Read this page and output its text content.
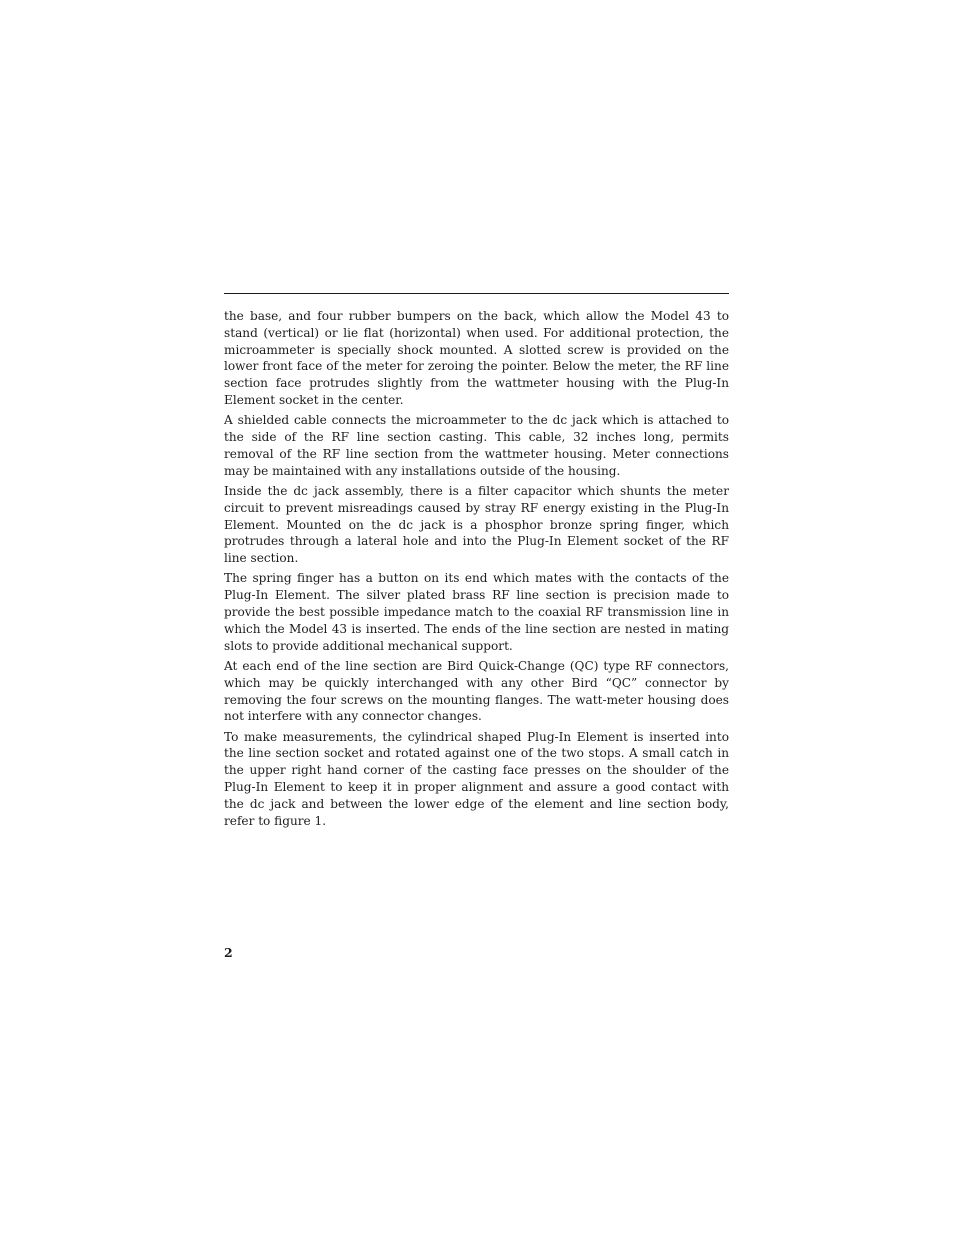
the base, and four rubber bumpers on the back, which allow the Model 43 to stand (vertical) or lie flat (horizontal) when used. For additional protection, the microammeter is specially shock mounted. A slotted screw is provided on the lower front face of the meter for zeroing the pointer. Below the meter, the RF line section face protrudes slightly from the wattmeter housing with the Plug-In Element socket in the center.

A shielded cable connects the microammeter to the dc jack which is attached to the side of the RF line section casting. This cable, 32 inches long, permits removal of the RF line section from the wattmeter housing. Meter connections may be maintained with any installations outside of the housing.

Inside the dc jack assembly, there is a filter capacitor which shunts the meter circuit to prevent misreadings caused by stray RF energy existing in the Plug-In Element. Mounted on the dc jack is a phosphor bronze spring finger, which protrudes through a lateral hole and into the Plug-In Element socket of the RF line section.

The spring finger has a button on its end which mates with the contacts of the Plug-In Element. The silver plated brass RF line section is precision made to provide the best possible impedance match to the coaxial RF transmission line in which the Model 43 is inserted. The ends of the line section are nested in mating slots to provide additional mechanical support.

At each end of the line section are Bird Quick-Change (QC) type RF connectors, which may be quickly interchanged with any other Bird “QC” connector by removing the four screws on the mounting flanges. The watt-meter housing does not interfere with any connector changes.

To make measurements, the cylindrical shaped Plug-In Element is inserted into the line section socket and rotated against one of the two stops. A small catch in the upper right hand corner of the casting face presses on the shoulder of the Plug-In Element to keep it in proper alignment and assure a good contact with the dc jack and between the lower edge of the element and line section body, refer to figure 1.

2
